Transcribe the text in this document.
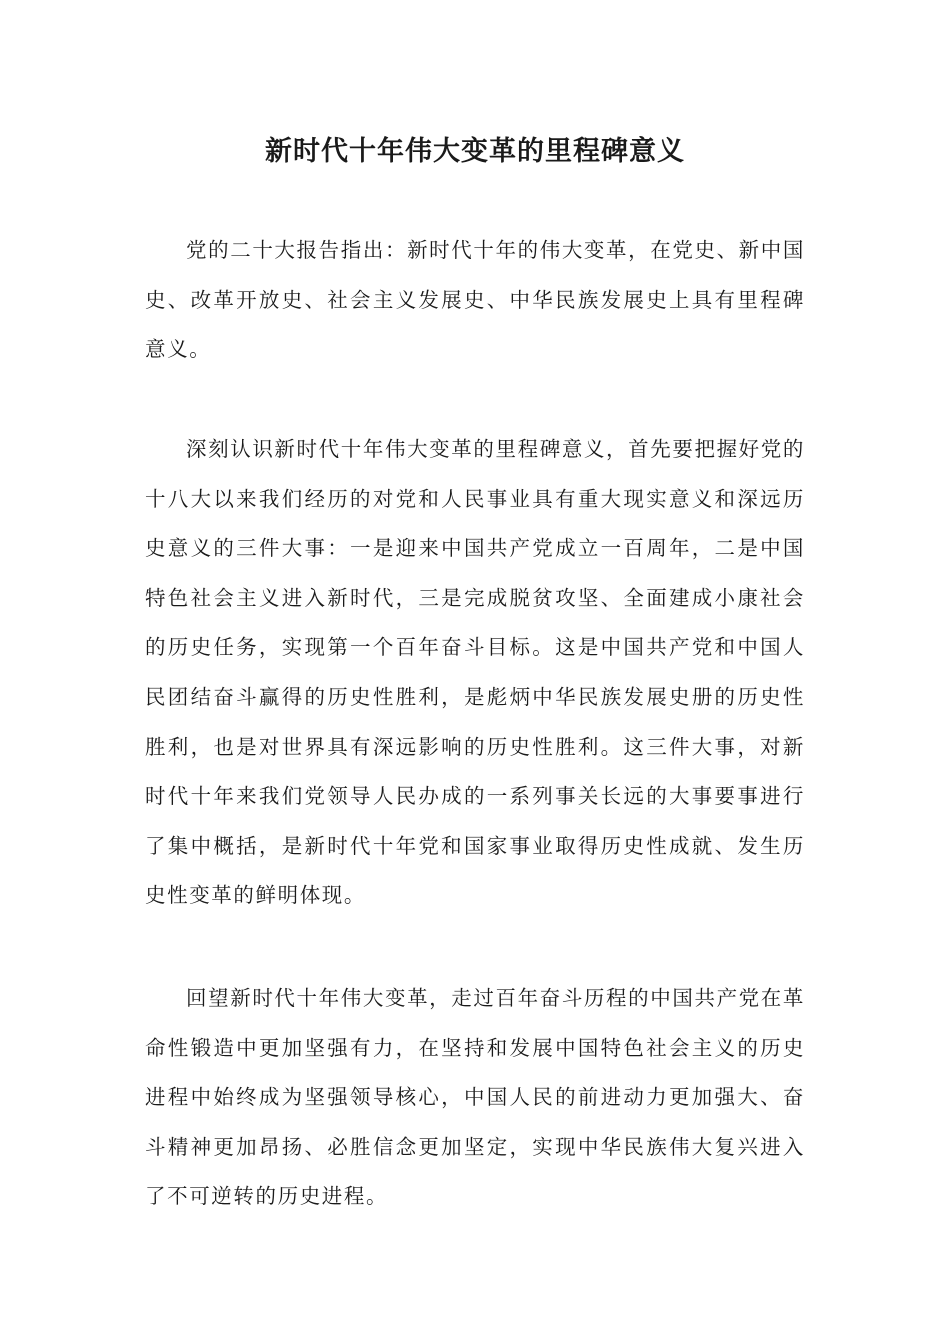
新时代十年伟大变革的里程碑意义

党的二十大报告指出：新时代十年的伟大变革，在党史、新中国史、改革开放史、社会主义发展史、中华民族发展史上具有里程碑意义。

深刻认识新时代十年伟大变革的里程碑意义，首先要把握好党的十八大以来我们经历的对党和人民事业具有重大现实意义和深远历史意义的三件大事：一是迎来中国共产党成立一百周年，二是中国特色社会主义进入新时代，三是完成脱贫攻坚、全面建成小康社会的历史任务，实现第一个百年奋斗目标。这是中国共产党和中国人民团结奋斗赢得的历史性胜利，是彪炳中华民族发展史册的历史性胜利，也是对世界具有深远影响的历史性胜利。这三件大事，对新时代十年来我们党领导人民办成的一系列事关长远的大事要事进行了集中概括，是新时代十年党和国家事业取得历史性成就、发生历史性变革的鲜明体现。

回望新时代十年伟大变革，走过百年奋斗历程的中国共产党在革命性锻造中更加坚强有力，在坚持和发展中国特色社会主义的历史进程中始终成为坚强领导核心，中国人民的前进动力更加强大、奋斗精神更加昂扬、必胜信念更加坚定，实现中华民族伟大复兴进入了不可逆转的历史进程。
